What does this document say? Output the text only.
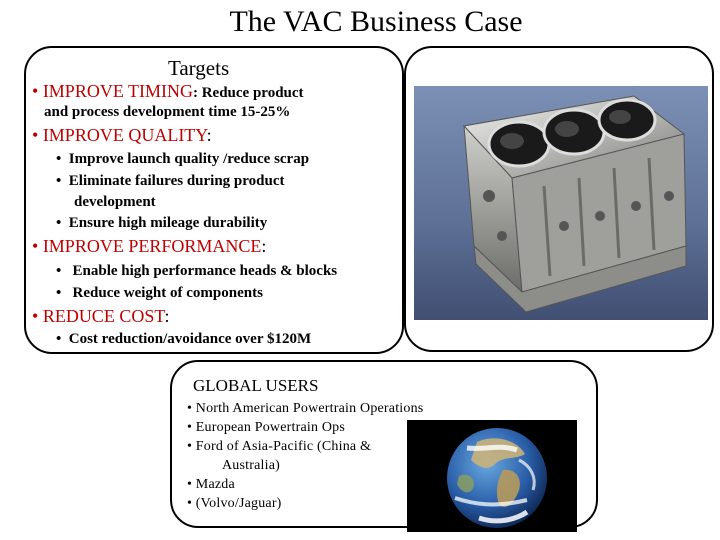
The VAC Business Case
Targets
• IMPROVE TIMING: Reduce product
and process development time 15-25%
• IMPROVE QUALITY:
• Improve launch quality /reduce scrap
• Eliminate failures during product
development
• Ensure high mileage durability
• IMPROVE PERFORMANCE:
• Enable high performance heads & blocks
• Reduce weight of components
• REDUCE COST:
• Cost reduction/avoidance over $120M
GLOBAL USERS
• North American Powertrain Operations
• European Powertrain Ops
• Ford of Asia-Pacific (China &
Australia)
• Mazda
• (Volvo/Jaguar)
